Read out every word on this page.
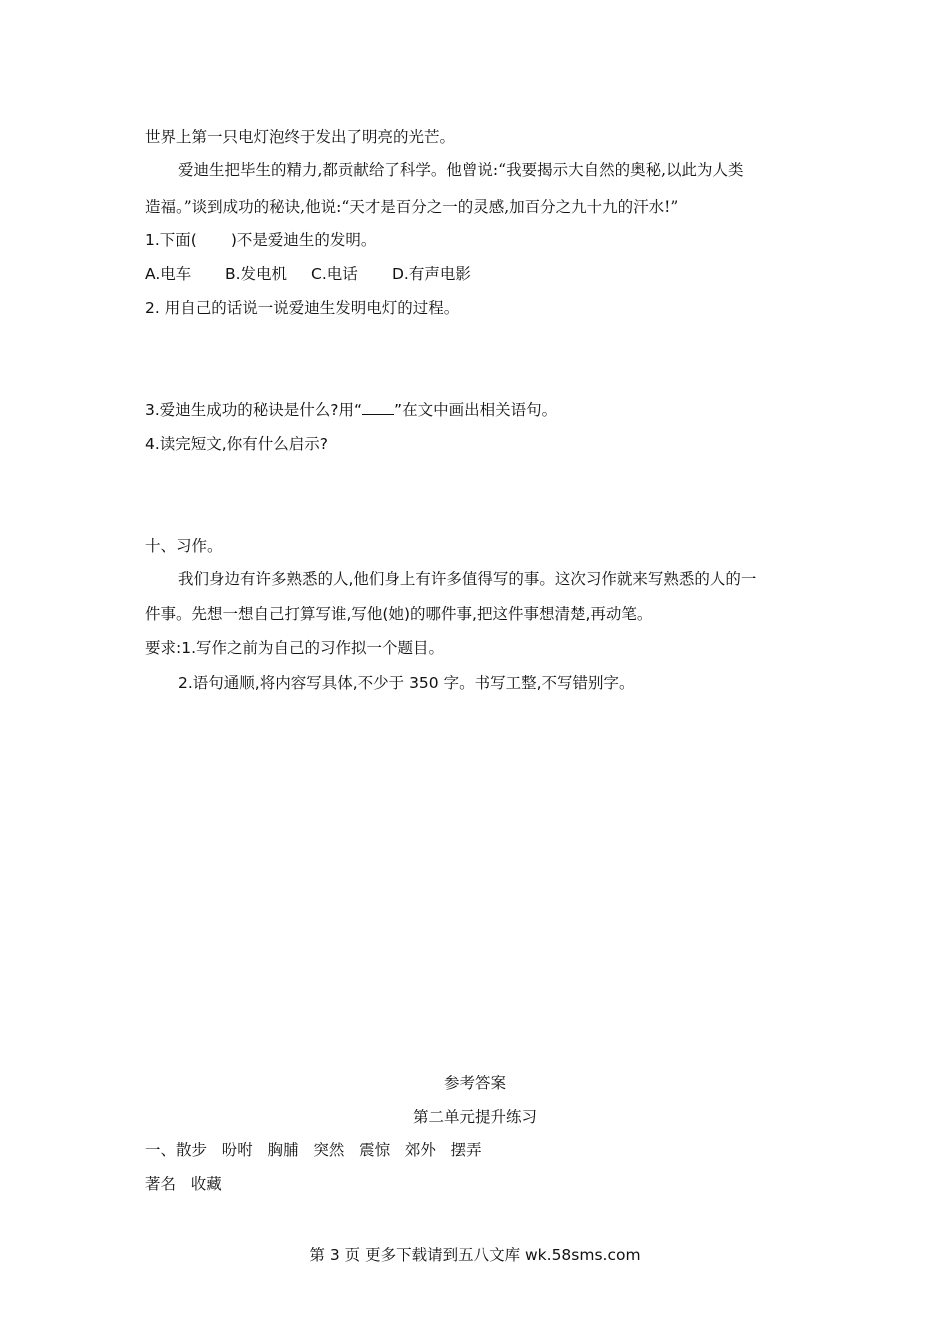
世界上第一只电灯泡终于发出了明亮的光芒。
爱迪生把毕生的精力,都贡献给了科学。他曾说:“我要揭示大自然的奥秘,以此为人类
造福。”谈到成功的秘诀,他说:“天才是百分之一的灵感,加百分之九十九的汗水!”
1.下面( )不是爱迪生的发明。
A.电车 B.发电机 C.电话 D.有声电影
2. 用自己的话说一说爱迪生发明电灯的过程。
3.爱迪生成功的秘诀是什么?用“ ”在文中画出相关语句。
4.读完短文,你有什么启示?
十、习作。
我们身边有许多熟悉的人,他们身上有许多值得写的事。这次习作就来写熟悉的人的一
件事。先想一想自己打算写谁,写他(她)的哪件事,把这件事想清楚,再动笔。
要求:1.写作之前为自己的习作拟一个题目。
2.语句通顺,将内容写具体,不少于 350 字。书写工整,不写错别字。
参考答案
第二单元提升练习
一、散步   吩咐   胸脯   突然   震惊   郊外   摆弄
著名   收藏
第 3 页 更多下载请到五八文库 wk.58sms.com
